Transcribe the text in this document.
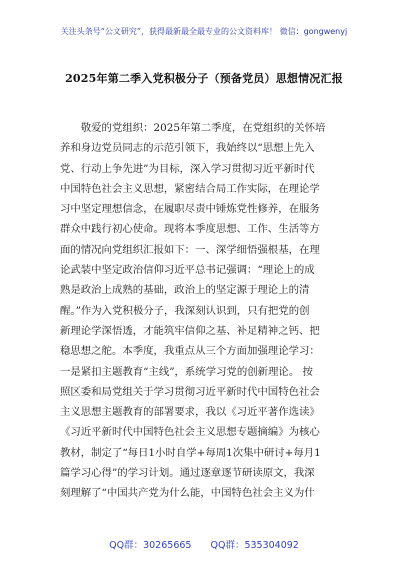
关注头条号“公文研究”，获得最新最全最专业的公文资料库！ 微信：gongwenyj
2025年第二季入党积极分子（预备党员）思想情况汇报
　　敬爱的党组织：2025年第二季度，在党组织的关怀培
养和身边党员同志的示范引领下，我始终以“思想上先入
党、行动上争先进”为目标，深入学习贯彻习近平新时代
中国特色社会主义思想，紧密结合局工作实际，在理论学
习中坚定理想信念，在履职尽责中锤炼党性修养，在服务
群众中践行初心使命。现将本季度思想、工作、生活等方
面的情况向党组织汇报如下：一、深学细悟强根基，在理
论武装中坚定政治信仰习近平总书记强调：“理论上的成
熟是政治上成熟的基础，政治上的坚定源于理论上的清
醒。”作为入党积极分子，我深刻认识到，只有把党的创
新理论学深悟透，才能筑牢信仰之基、补足精神之钙、把
稳思想之舵。本季度，我重点从三个方面加强理论学习：
一是紧扣主题教育“主线”，系统学习党的创新理论。 按
照区委和局党组关于学习贯彻习近平新时代中国特色社会
主义思想主题教育的部署要求，我以《习近平著作选读》
《习近平新时代中国特色社会主义思想专题摘编》为核心
教材，制定了“每日1小时自学+每周1次集中研讨+每月1
篇学习心得”的学习计划。通过逐章逐节研读原文，我深
刻理解了“中国共产党为什么能，中国特色社会主义为什
QQ群：30265665 QQ群：535304092
